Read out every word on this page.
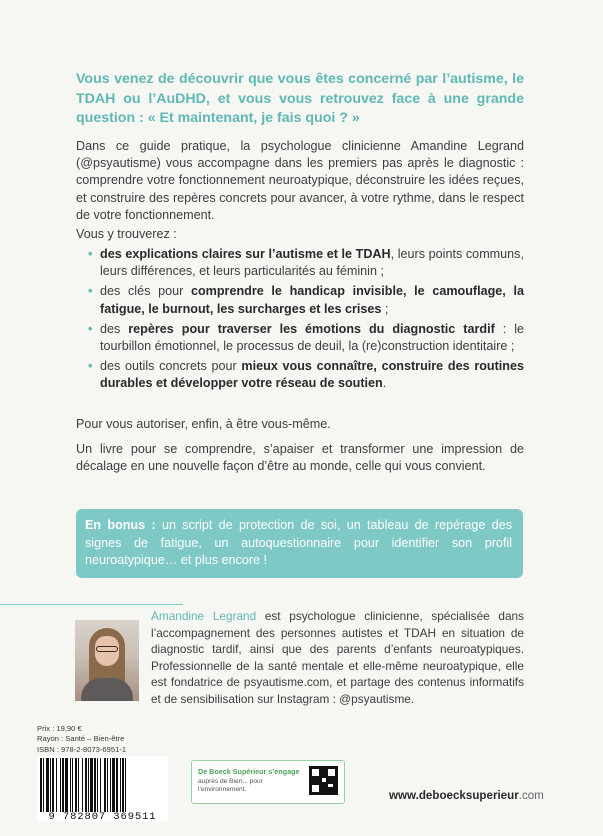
Vous venez de découvrir que vous êtes concerné par l’autisme, le TDAH ou l’AuDHD, et vous vous retrouvez face à une grande question : « Et maintenant, je fais quoi ? »
Dans ce guide pratique, la psychologue clinicienne Amandine Legrand (@psyautisme) vous accompagne dans les premiers pas après le diagnostic : comprendre votre fonctionnement neuroatypique, déconstruire les idées reçues, et construire des repères concrets pour avancer, à votre rythme, dans le respect de votre fonctionnement.
Vous y trouverez :
• des explications claires sur l’autisme et le TDAH, leurs points communs, leurs différences, et leurs particularités au féminin ;
• des clés pour comprendre le handicap invisible, le camouflage, la fatigue, le burnout, les surcharges et les crises ;
• des repères pour traverser les émotions du diagnostic tardif : le tourbillon émotionnel, le processus de deuil, la (re)construction identitaire ;
• des outils concrets pour mieux vous connaître, construire des routines durables et développer votre réseau de soutien.
Pour vous autoriser, enfin, à être vous-même.
Un livre pour se comprendre, s’apaiser et transformer une impression de décalage en une nouvelle façon d’être au monde, celle qui vous convient.
En bonus : un script de protection de soi, un tableau de repérage des signes de fatigue, un autoquestionnaire pour identifier son profil neuroatypique… et plus encore !
Amandine Legrand est psychologue clinicienne, spécialisée dans l’accompagnement des personnes autistes et TDAH en situation de diagnostic tardif, ainsi que des parents d’enfants neuroatypiques. Professionnelle de la santé mentale et elle-même neuroatypique, elle est fondatrice de psyautisme.com, et partage des contenus informatifs et de sensibilisation sur Instagram : @psyautisme.
Prix : 19,90 €
Rayon : Santé – Bien-être
ISBN : 978-2-8073-6951-1
9 782807 369511
De Boeck Supérieur s’engage
auprès de Bien... pour l’environnement.	www.deboecksuperieur.com
